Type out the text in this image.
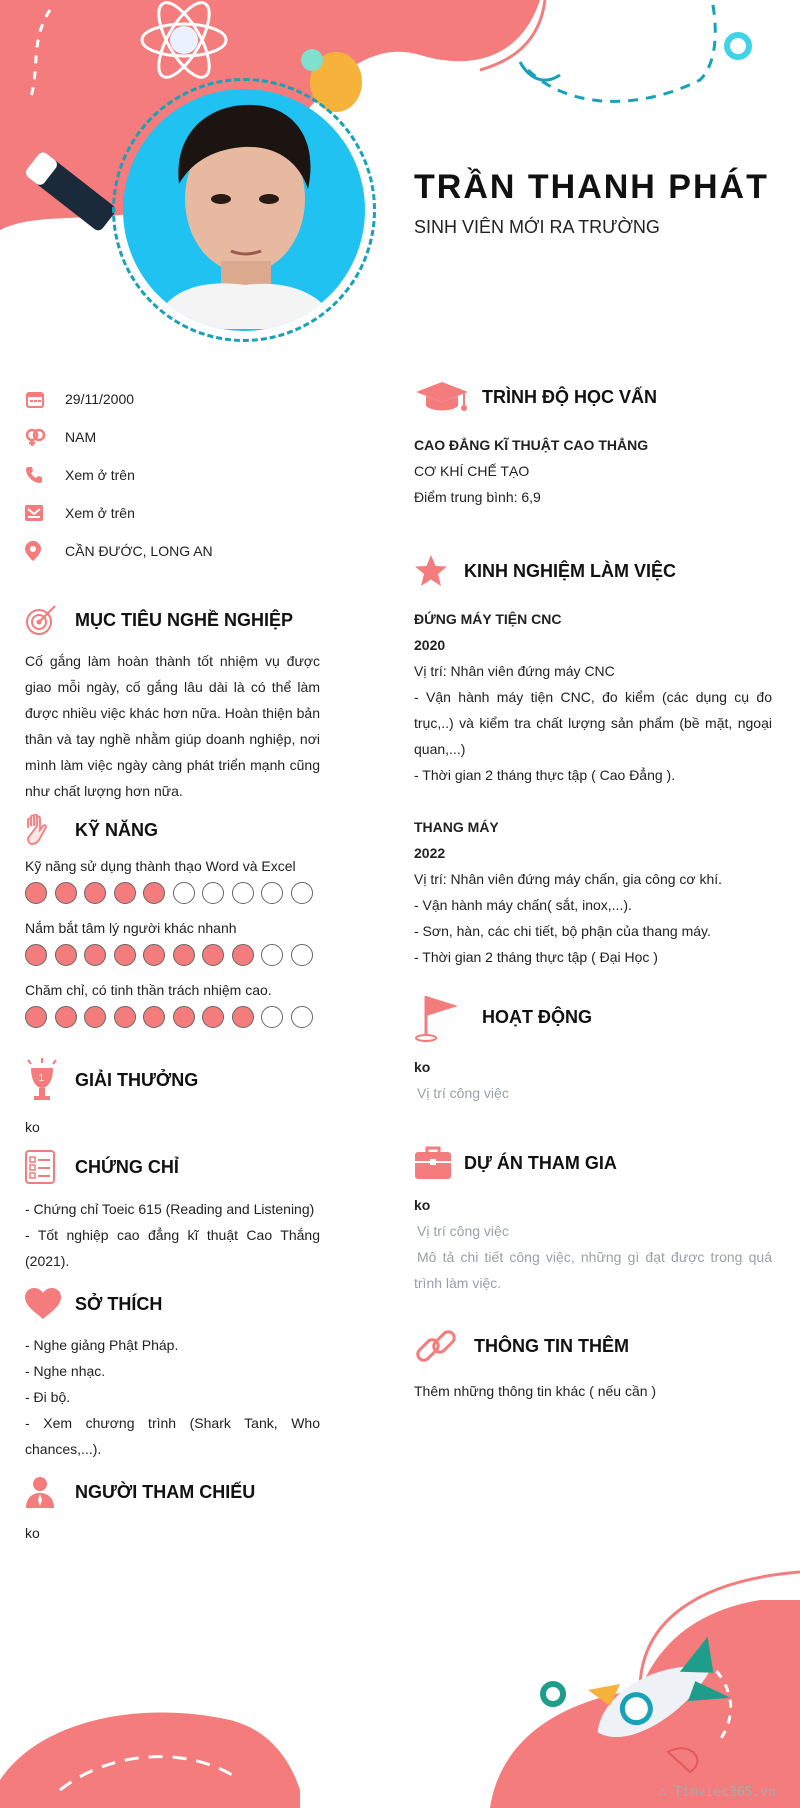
TRẦN THANH PHÁT
SINH VIÊN MỚI RA TRƯỜNG
29/11/2000
NAM
Xem ở trên
Xem ở trên
CẦN ĐƯỚC, LONG AN
MỤC TIÊU NGHỀ NGHIỆP

Cố gắng làm hoàn thành tốt nhiệm vụ được giao mỗi ngày, cố gắng lâu dài là có thể làm được nhiều việc khác hơn nữa. Hoàn thiện bản thân và tay nghề nhằm giúp doanh nghiệp, nơi mình làm việc ngày càng phát triển mạnh cũng như chất lượng hơn nữa.

KỸ NĂNG
Kỹ năng sử dụng thành thạo Word và Excel
Nắm bắt tâm lý người khác nhanh
Chăm chỉ, có tinh thần trách nhiệm cao.
1 GIẢI THƯỞNG
ko
CHỨNG CHỈ
- Chứng chỉ Toeic 615 (Reading and Listening)
- Tốt nghiệp cao đẳng kĩ thuật Cao Thắng (2021).
SỞ THÍCH
- Nghe giảng Phật Pháp.
- Nghe nhạc.
- Đi bộ.
- Xem chương trình (Shark Tank, Who chances,...).
NGƯỜI THAM CHIẾU
ko
TRÌNH ĐỘ HỌC VẤN
CAO ĐẲNG KĨ THUẬT CAO THẲNG
CƠ KHÍ CHẾ TẠO
Điểm trung bình: 6,9
KINH NGHIỆM LÀM VIỆC
ĐỨNG MÁY TIỆN CNC
2020
Vị trí: Nhân viên đứng máy CNC
- Vận hành máy tiện CNC, đo kiểm (các dụng cụ đo trục,..) và kiểm tra chất lượng sản phẩm (bề mặt, ngoại quan,...)
- Thời gian 2 tháng thực tập ( Cao Đẳng ).
THANG MÁY
2022
Vị trí: Nhân viên đứng máy chấn, gia công cơ khí.
- Vận hành máy chấn( sắt, inox,...).
- Sơn, hàn, các chi tiết, bộ phận của thang máy.
- Thời gian 2 tháng thực tập ( Đại Học )
HOẠT ĐỘNG
ko
Vị trí công việc
DỰ ÁN THAM GIA
ko
Vị trí công việc
Mô tả chi tiết công việc, những gì đạt được trong quá trình làm việc.
THÔNG TIN THÊM
Thêm những thông tin khác ( nếu cần )
∴ Timviec365.vn
